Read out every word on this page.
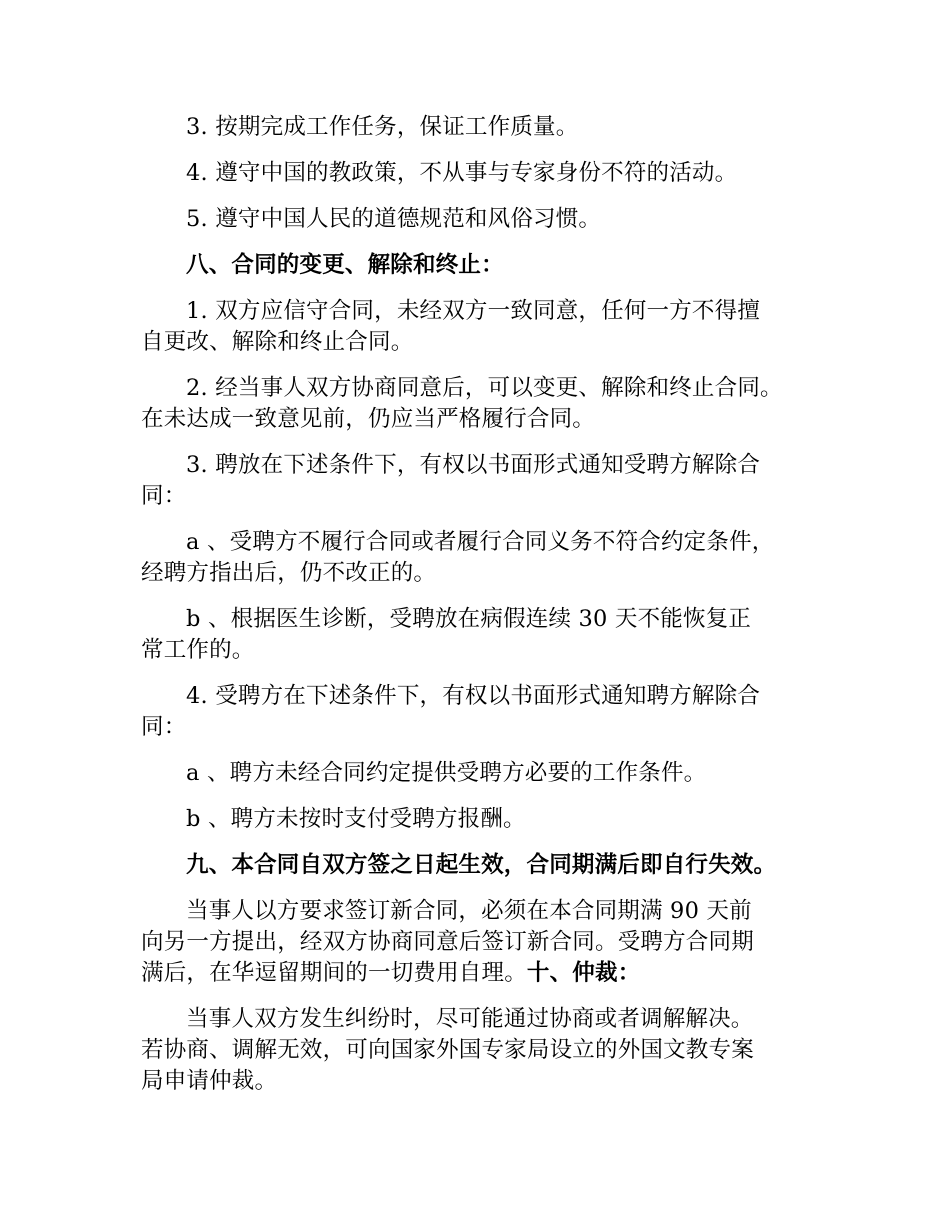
3. 按期完成工作任务，保证工作质量。

4. 遵守中国的教政策，不从事与专家身份不符的活动。

5. 遵守中国人民的道德规范和风俗习惯。

八、合同的变更、解除和终止：

1. 双方应信守合同，未经双方一致同意，任何一方不得擅
自更改、解除和终止合同。

2. 经当事人双方协商同意后，可以变更、解除和终止合同。
在未达成一致意见前，仍应当严格履行合同。

3. 聘放在下述条件下，有权以书面形式通知受聘方解除合
同：

a 、受聘方不履行合同或者履行合同义务不符合约定条件，
经聘方指出后，仍不改正的。

b 、根据医生诊断，受聘放在病假连续 30 天不能恢复正
常工作的。

4. 受聘方在下述条件下，有权以书面形式通知聘方解除合
同：

a 、聘方未经合同约定提供受聘方必要的工作条件。

b 、聘方未按时支付受聘方报酬。

九、本合同自双方签之日起生效，合同期满后即自行失效。

当事人以方要求签订新合同，必须在本合同期满 90 天前
向另一方提出，经双方协商同意后签订新合同。受聘方合同期
满后，在华逗留期间的一切费用自理。十、仲裁：

当事人双方发生纠纷时，尽可能通过协商或者调解解决。
若协商、调解无效，可向国家外国专家局设立的外国文教专案
局申请仲裁。
